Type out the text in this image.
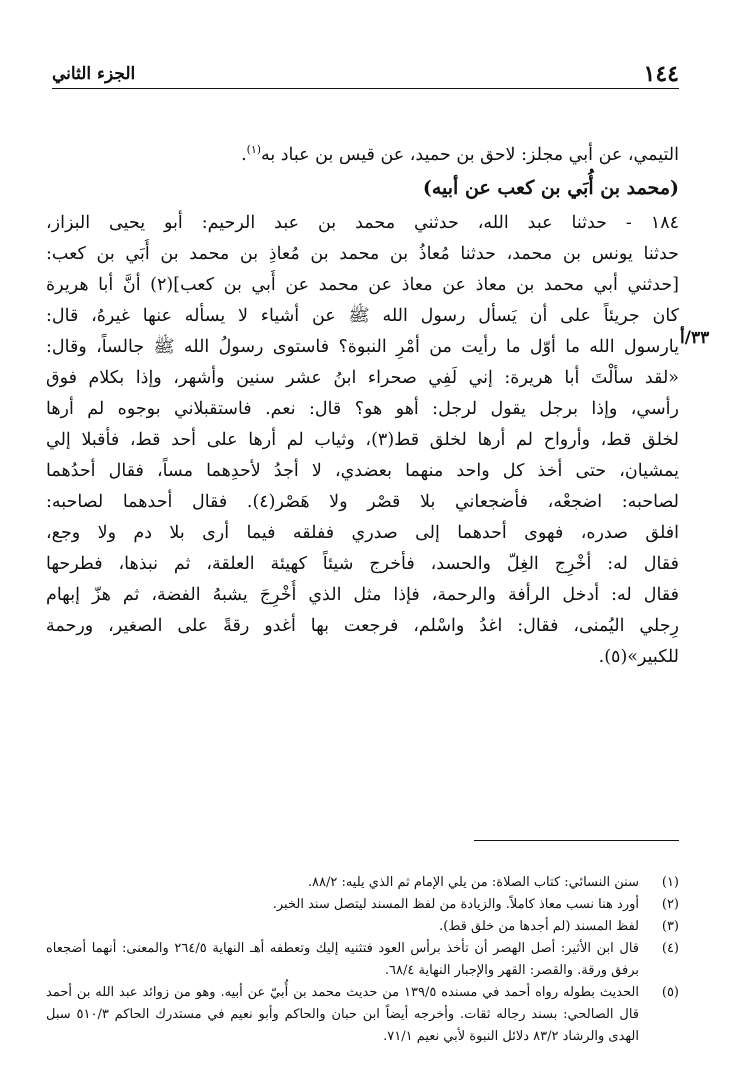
١٤٤
الجزء الثاني
٣٣/أ

التيمي، عن أبي مجلز: لاحق بن حميد، عن قيس بن عباد به$^{(١)}$.

(محمد بن أُبَي بن كعب عن أبيه)
١٨٤ - حدثنا عبد الله، حدثني محمد بن عبد الرحيم: أبو يحيى البزاز،
حدثنا يونس بن محمد، حدثنا مُعاذُ بن محمد بن مُعاذِ بن محمد بن أُبَي بن كعب:
[حدثني أبي محمد بن معاذ عن معاذ عن محمد عن أُبي بن كعب](٢) أنَّ أبا هريرة
كان جريئاً على أن يَسأل رسول الله ﷺ عن أشياء لا يسأله عنها غيرهُ، قال:
يارسول الله ما أوّل ما رأيت من أمْرِ النبوة؟ فاستوى رسولُ الله ﷺ جالساً، وقال:
«لقد سألْتَ أبا هريرة: إني لَفِي صحراء ابنُ عشر سنين وأشهر، وإذا بكلام فوق
رأسي، وإذا برجل يقول لرجل: أهو هو؟ قال: نعم. فاستقبلاني بوجوه لم أرها
لخلق قط، وأرواح لم أرها لخلق قط(٣)، وثياب لم أرها على أحد قط، فأقبلا إلي
يمشيان، حتى أخذ كل واحد منهما بعضدي، لا أجدُ لأحدِهما مساً، فقال أحدُهما
لصاحبه: اضجعْه، فأضجعاني بلا قصْر ولا هَصْر(٤). فقال أحدهما لصاحبه:
افلق صدره، فهوى أحدهما إلى صدري ففلقه فيما أرى بلا دم ولا وجع،
فقال له: أخْرِج الغِلّ والحسد، فأخرج شيئاً كهيئة العلقة، ثم نبذها، فطرحها
فقال له: أدخل الرأفة والرحمة، فإذا مثل الذي أُخْرِجَ يشبهُ الفضة، ثم هزّ إبهام
رِجلي اليُمنى، فقال: اغدُ واسْلم، فرجعت بها أغدو رقةً على الصغير، ورحمة
للكبير»(٥).
(١)
سنن النسائي: كتاب الصلاة: من يلي الإمام ثم الذي يليه: ٨٨/٢.
(٢)
أورد هنا نسب معاذ كاملاً. والزيادة من لفظ المسند ليتصل سند الخبر.
(٣)
لفظ المسند (لم أجدها من خلق قط).
(٤)
قال ابن الأثير: أصل الهصر أن تأخذ برأس العود فتثنيه إليك وتعطفه أهـ النهاية ٢٦٤/٥ والمعنى: أنهما أضجعاه برفق ورقة. والقصر: القهر والإجبار النهاية ٦٨/٤.
(٥)
الحديث بطوله رواه أحمد في مسنده ١٣٩/٥ من حديث محمد بن أُبيّ عن أبيه. وهو من زوائد عبد الله بن أحمد قال الصالحي: بسند رجاله ثقات. وأخرجه أيضاً ابن حبان والحاكم وأبو نعيم في مستدرك الحاكم ٥١٠/٣ سبل الهدى والرشاد ٨٣/٢ دلائل النبوة لأبي نعيم ٧١/١.
